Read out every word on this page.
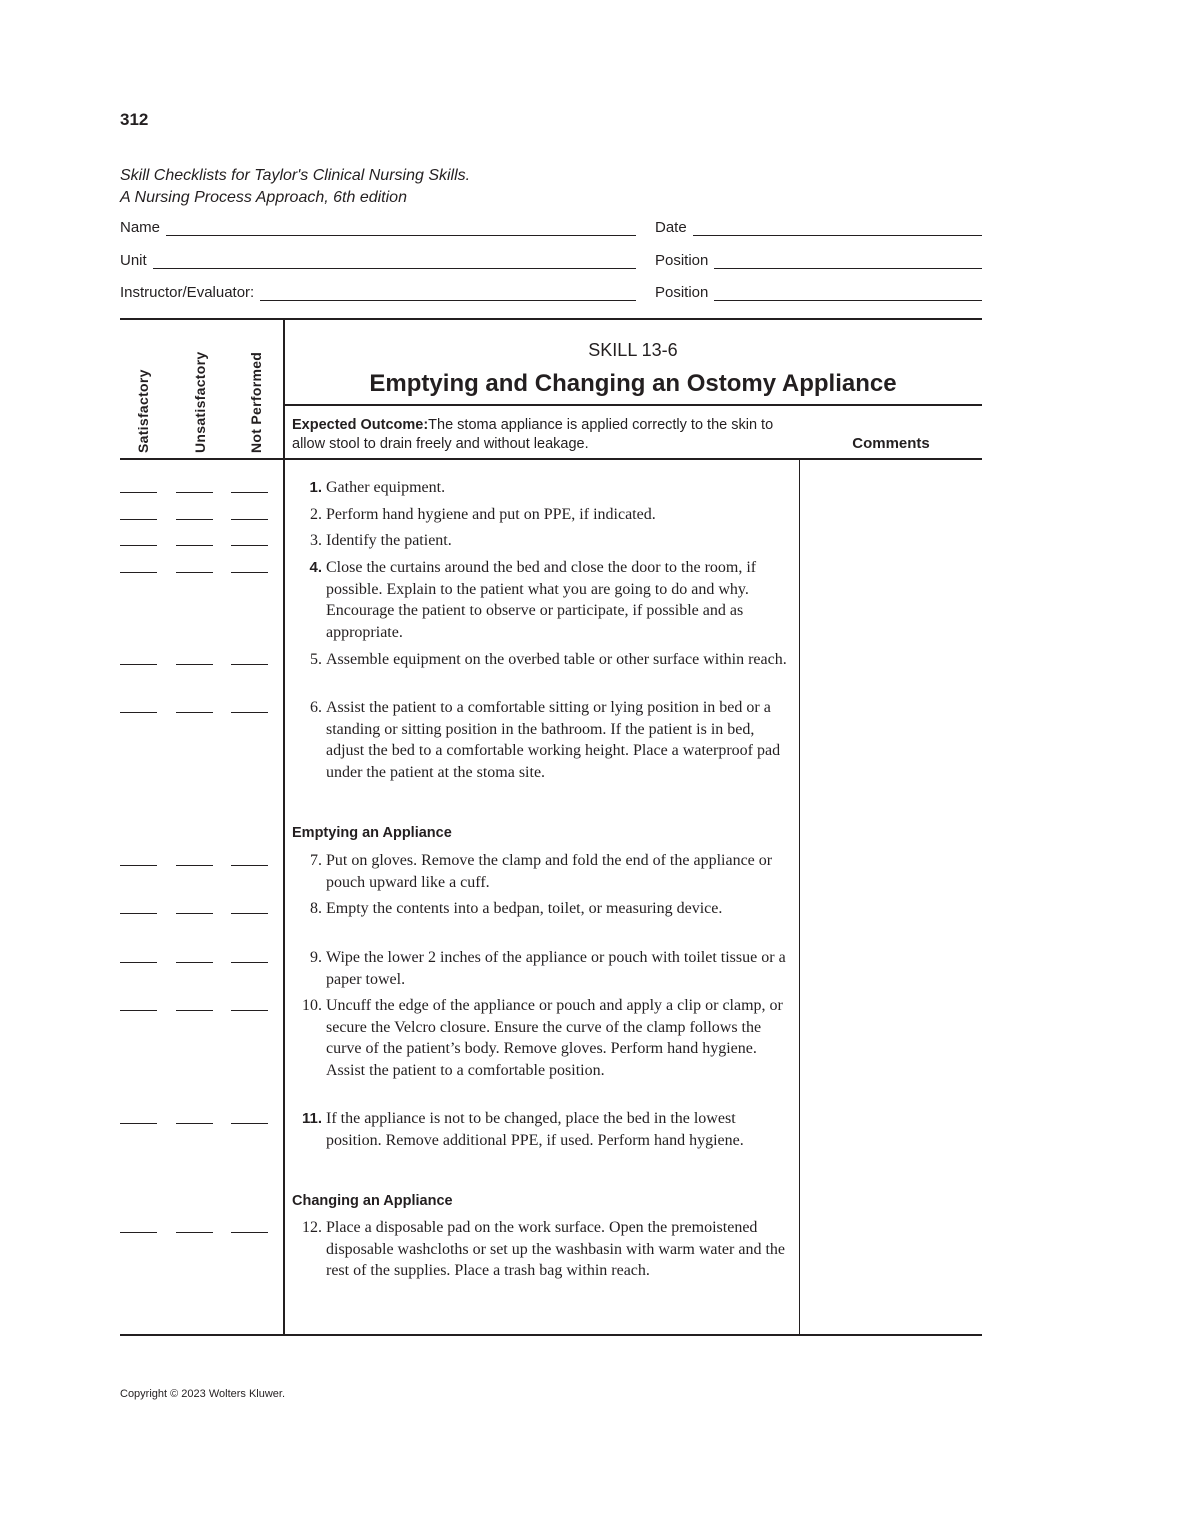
312
Skill Checklists for Taylor's Clinical Nursing Skills.
A Nursing Process Approach, 6th edition
Name	Date
Unit	Position
Instructor/Evaluator:	Position
Satisfactory	Unsatisfactory	Not Performed
SKILL 13-6
Emptying and Changing an Ostomy Appliance
Expected Outcome:The stoma appliance is applied correctly to the skin to allow stool to drain freely and without leakage.	Comments
1. Gather equipment.
2. Perform hand hygiene and put on PPE, if indicated.
3. Identify the patient.
4. Close the curtains around the bed and close the door to the room, if possible. Explain to the patient what you are going to do and why. Encourage the patient to observe or participate, if possible and as appropriate.
5. Assemble equipment on the overbed table or other surface within reach.
6. Assist the patient to a comfortable sitting or lying position in bed or a standing or sitting position in the bathroom. If the patient is in bed, adjust the bed to a comfortable working height. Place a waterproof pad under the patient at the stoma site.
Emptying an Appliance
7. Put on gloves. Remove the clamp and fold the end of the appliance or pouch upward like a cuff.
8. Empty the contents into a bedpan, toilet, or measuring device.
9. Wipe the lower 2 inches of the appliance or pouch with toilet tissue or a paper towel.
10. Uncuff the edge of the appliance or pouch and apply a clip or clamp, or secure the Velcro closure. Ensure the curve of the clamp follows the curve of the patient’s body. Remove gloves. Perform hand hygiene. Assist the patient to a comfortable position.
11. If the appliance is not to be changed, place the bed in the lowest position. Remove additional PPE, if used. Perform hand hygiene.
Changing an Appliance
12. Place a disposable pad on the work surface. Open the premoistened disposable washcloths or set up the washbasin with warm water and the rest of the supplies. Place a trash bag within reach.
Copyright © 2023 Wolters Kluwer.
